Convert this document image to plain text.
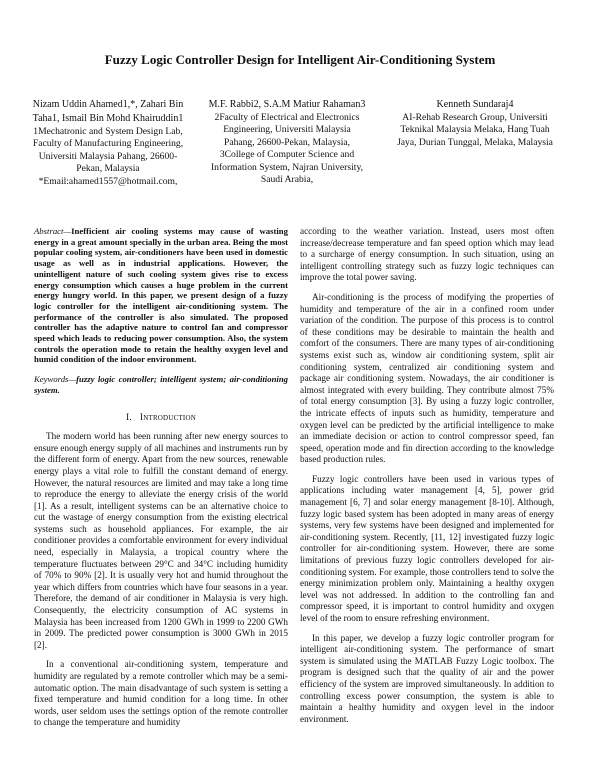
Fuzzy Logic Controller Design for Intelligent Air-Conditioning System
Nizam Uddin Ahamed1,*, Zahari Bin Taha1, Ismail Bin Mohd Khairuddin1
1Mechatronic and System Design Lab, Faculty of Manufacturing Engineering, Universiti Malaysia Pahang, 26600-Pekan, Malaysia
*Email:ahamed1557@hotmail.com,
M.F. Rabbi2, S.A.M Matiur Rahaman3
2Faculty of Electrical and Electronics Engineering, Universiti Malaysia Pahang, 26600-Pekan, Malaysia,
3College of Computer Science and Information System, Najran University, Saudi Arabia,
Kenneth Sundaraj4
AI-Rehab Research Group, Universiti Teknikal Malaysia Melaka, Hang Tuah Jaya, Durian Tunggal, Melaka, Malaysia

Abstract—Inefficient air cooling systems may cause of wasting energy in a great amount specially in the urban area. Being the most popular cooling system, air-conditioners have been used in domestic usage as well as in industrial applications. However, the unintelligent nature of such cooling system gives rise to excess energy consumption which causes a huge problem in the current energy hungry world. In this paper, we present design of a fuzzy logic controller for the intelligent air-conditioning system. The performance of the controller is also simulated. The proposed controller has the adaptive nature to control fan and compressor speed which leads to reducing power consumption. Also, the system controls the operation mode to retain the healthy oxygen level and humid condition of the indoor environment.

Keywords—fuzzy logic controller; intelligent system; air-conditioning system.

I. Introduction

The modern world has been running after new energy sources to ensure enough energy supply of all machines and instruments run by the different form of energy. Apart from the new sources, renewable energy plays a vital role to fulfill the constant demand of energy. However, the natural resources are limited and may take a long time to reproduce the energy to alleviate the energy crisis of the world [1]. As a result, intelligent systems can be an alternative choice to cut the wastage of energy consumption from the existing electrical systems such as household appliances. For example, the air conditioner provides a comfortable environment for every individual need, especially in Malaysia, a tropical country where the temperature fluctuates between 29°C and 34°C including humidity of 70% to 90% [2]. It is usually very hot and humid throughout the year which differs from countries which have four seasons in a year. Therefore, the demand of air conditioner in Malaysia is very high. Consequently, the electricity consumption of AC systems in Malaysia has been increased from 1200 GWh in 1999 to 2200 GWh in 2009. The predicted power consumption is 3000 GWh in 2015 [2].

In a conventional air-conditioning system, temperature and humidity are regulated by a remote controller which may be a semi-automatic option. The main disadvantage of such system is setting a fixed temperature and humid condition for a long time. In other words, user seldom uses the settings option of the remote controller to change the temperature and humidity

according to the weather variation. Instead, users most often increase/decrease temperature and fan speed option which may lead to a surcharge of energy consumption. In such situation, using an intelligent controlling strategy such as fuzzy logic techniques can improve the total power saving.

Air-conditioning is the process of modifying the properties of humidity and temperature of the air in a confined room under variation of the condition. The purpose of this process is to control of these conditions may be desirable to maintain the health and comfort of the consumers. There are many types of air-conditioning systems exist such as, window air conditioning system, split air conditioning system, centralized air conditioning system and package air conditioning system. Nowadays, the air conditioner is almost integrated with every building. They contribute almost 75% of total energy consumption [3]. By using a fuzzy logic controller, the intricate effects of inputs such as humidity, temperature and oxygen level can be predicted by the artificial intelligence to make an immediate decision or action to control compressor speed, fan speed, operation mode and fin direction according to the knowledge based production rules.

Fuzzy logic controllers have been used in various types of applications including water management [4, 5], power grid management [6, 7] and solar energy management [8-10]. Although, fuzzy logic based system has been adopted in many areas of energy systems, very few systems have been designed and implemented for air-conditioning system. Recently, [11, 12] investigated fuzzy logic controller for air-conditioning system. However, there are some limitations of previous fuzzy logic controllers developed for air-conditioning system. For example, those controllers tend to solve the energy minimization problem only. Maintaining a healthy oxygen level was not addressed. In addition to the controlling fan and compressor speed, it is important to control humidity and oxygen level of the room to ensure refreshing environment.

In this paper, we develop a fuzzy logic controller program for intelligent air-conditioning system. The performance of smart system is simulated using the MATLAB Fuzzy Logic toolbox. The program is designed such that the quality of air and the power efficiency of the system are improved simultaneously. In addition to controlling excess power consumption, the system is able to maintain a healthy humidity and oxygen level in the indoor environment.
